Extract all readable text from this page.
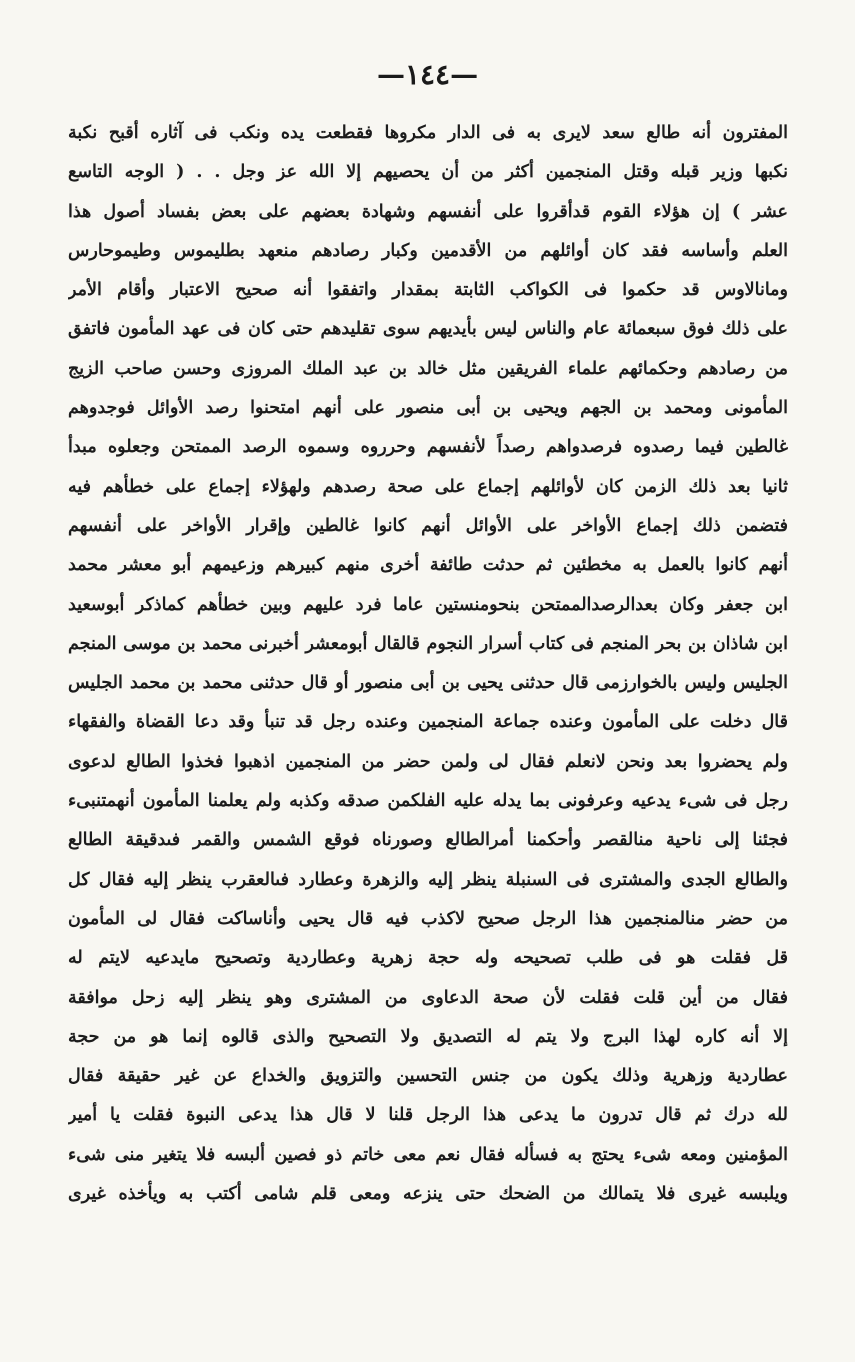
—١٤٤—
المفترون أنه طالع سعد لايرى به فى الدار مكروها فقطعت يده ونكب فى آثاره أقبح نكبة
نكبها وزير قبله وقتل المنجمين أكثر من أن يحصيهم إلا الله عز وجل . . ( الوجه التاسع
عشر ) إن هؤلاء القوم قدأقروا على أنفسهم وشهادة بعضهم على بعض بفساد أصول هذا
العلم وأساسه فقد كان أوائلهم من الأقدمين وكبار رصادهم منعهد بطليموس وطيموحارس
ومانالاوس قد حكموا فى الكواكب الثابتة بمقدار واتفقوا أنه صحيح الاعتبار وأقام الأمر
على ذلك فوق سبعمائة عام والناس ليس بأيديهم سوى تقليدهم حتى كان فى عهد المأمون فاتفق
من رصادهم وحكمائهم علماء الفريقين مثل خالد بن عبد الملك المروزى وحسن صاحب الزيج
المأمونى ومحمد بن الجهم ويحيى بن أبى منصور على أنهم امتحنوا رصد الأوائل فوجدوهم
غالطين فيما رصدوه فرصدواهم رصداً لأنفسهم وحرروه وسموه الرصد الممتحن وجعلوه مبدأ
ثانيا بعد ذلك الزمن كان لأوائلهم إجماع على صحة رصدهم ولهؤلاء إجماع على خطأهم فيه
فتضمن ذلك إجماع الأواخر على الأوائل أنهم كانوا غالطين وإقرار الأواخر على أنفسهم
أنهم كانوا بالعمل به مخطئين ثم حدثت طائفة أخرى منهم كبيرهم وزعيمهم أبو معشر محمد
ابن جعفر وكان بعدالرصدالممتحن بنحومنستين عاما فرد عليهم وبين خطأهم كماذكر أبوسعيد
ابن شاذان بن بحر المنجم فى كتاب أسرار النجوم قالقال أبومعشر أخبرنى محمد بن موسى المنجم
الجليس وليس بالخوارزمى قال حدثنى يحيى بن أبى منصور أو قال حدثنى محمد بن محمد الجليس
قال دخلت على المأمون وعنده جماعة المنجمين وعنده رجل قد تنبأ وقد دعا القضاة والفقهاء
ولم يحضروا بعد ونحن لانعلم فقال لى ولمن حضر من المنجمين اذهبوا فخذوا الطالع لدعوى
رجل فى شىء يدعيه وعرفونى بما يدله عليه الفلكمن صدقه وكذبه ولم يعلمنا المأمون أنهمتنبىء
فجئنا إلى ناحية منالقصر وأحكمنا أمرالطالع وصورناه فوقع الشمس والقمر فىدقيقة الطالع
والطالع الجدى والمشترى فى السنبلة ينظر إليه والزهرة وعطارد فىالعقرب ينظر إليه فقال كل
من حضر منالمنجمين هذا الرجل صحيح لاكذب فيه قال يحيى وأناساكت فقال لى المأمون
قل فقلت هو فى طلب تصحيحه وله حجة زهرية وعطاردية وتصحيح مايدعيه لايتم له
فقال من أين قلت فقلت لأن صحة الدعاوى من المشترى وهو ينظر إليه زحل موافقة
إلا أنه كاره لهذا البرج ولا يتم له التصديق ولا التصحيح والذى قالوه إنما هو من حجة
عطاردية وزهرية وذلك يكون من جنس التحسين والتزويق والخداع عن غير حقيقة فقال
لله درك ثم قال تدرون ما يدعى هذا الرجل قلنا لا قال هذا يدعى النبوة فقلت يا أمير
المؤمنين ومعه شىء يحتج به فسأله فقال نعم معى خاتم ذو فصين ألبسه فلا يتغير منى شىء
ويلبسه غيرى فلا يتمالك من الضحك حتى ينزعه ومعى قلم شامى أكتب به ويأخذه غيرى
